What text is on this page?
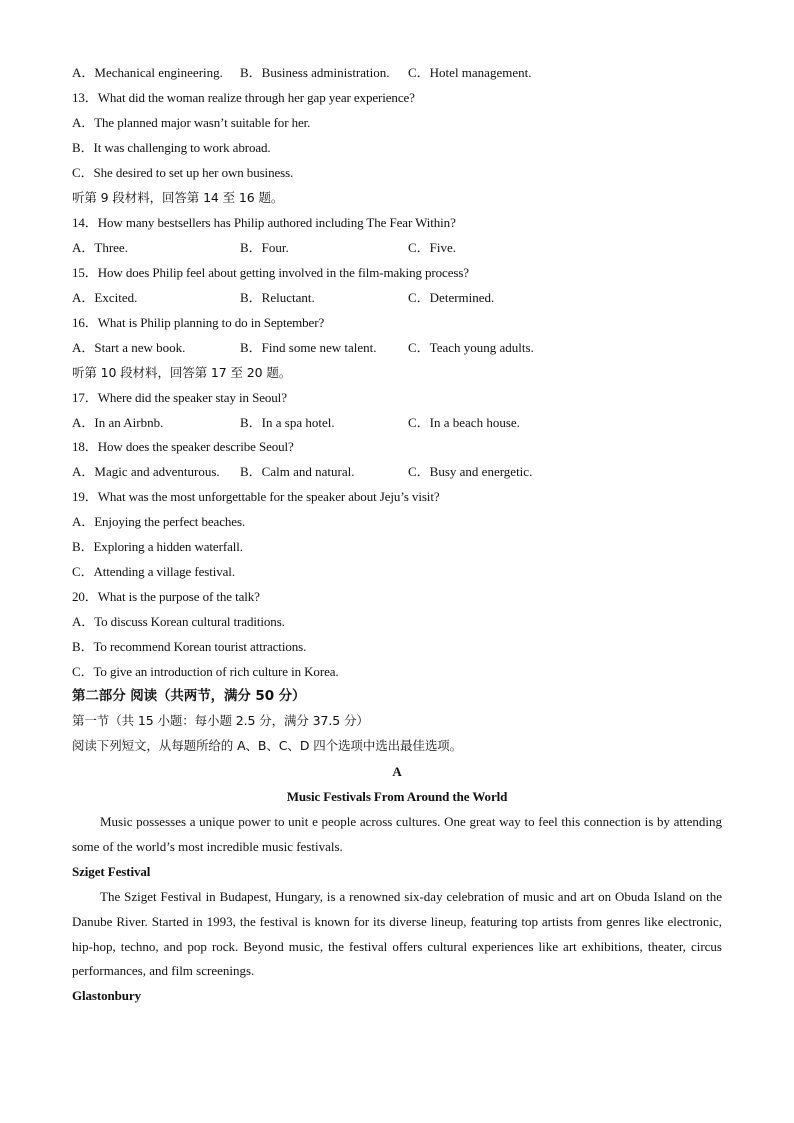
A．Mechanical engineering. B．Business administration. C．Hotel management.
13．What did the woman realize through her gap year experience?
A．The planned major wasn’t suitable for her.
B．It was challenging to work abroad.
C．She desired to set up her own business.
听第 9 段材料，回答第 14 至 16 题。
14．How many bestsellers has Philip authored including The Fear Within?
A．Three.	B．Four.	C．Five.
15．How does Philip feel about getting involved in the film-making process?
A．Excited.	B．Reluctant.	C．Determined.
16．What is Philip planning to do in September?
A．Start a new book.	B．Find some new talent. C．Teach young adults.
听第 10 段材料，回答第 17 至 20 题。
17．Where did the speaker stay in Seoul?
A．In an Airbnb.	B．In a spa hotel.	C．In a beach house.
18．How does the speaker describe Seoul?
A．Magic and adventurous. B．Calm and natural.	C．Busy and energetic.
19．What was the most unforgettable for the speaker about Jeju’s visit?
A．Enjoying the perfect beaches.
B．Exploring a hidden waterfall.
C．Attending a village festival.
20．What is the purpose of the talk?
A．To discuss Korean cultural traditions.
B．To recommend Korean tourist attractions.
C．To give an introduction of rich culture in Korea.
第二部分 阅读（共两节，满分 50 分）
第一节（共 15 小题：每小题 2.5 分，满分 37.5 分）
阅读下列短文，从每题所给的 A、B、C、D 四个选项中选出最佳选项。
A
Music Festivals From Around the World
Music possesses a unique power to unit e people across cultures. One great way to feel this connection is by attending some of the world’s most incredible music festivals.
Sziget Festival
The Sziget Festival in Budapest, Hungary, is a renowned six-day celebration of music and art on Obuda Island on the Danube River. Started in 1993, the festival is known for its diverse lineup, featuring top artists from genres like electronic, hip-hop, techno, and pop rock. Beyond music, the festival offers cultural experiences like art exhibitions, theater, circus performances, and film screenings.
Glastonbury
